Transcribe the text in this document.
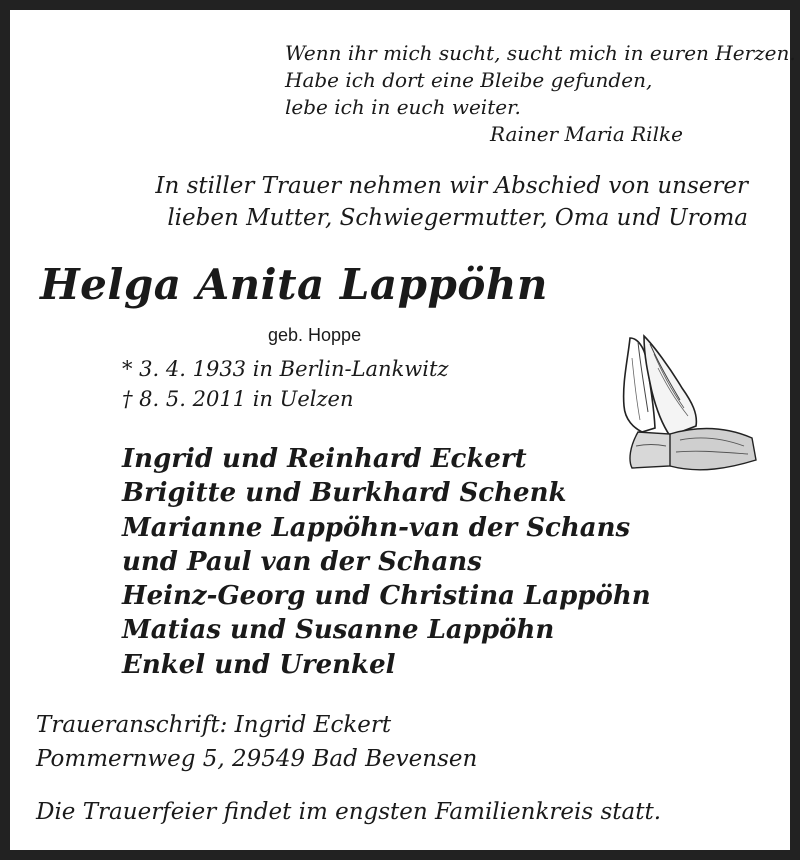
Wenn ihr mich sucht, sucht mich in euren Herzen.
Habe ich dort eine Bleibe gefunden,
lebe ich in euch weiter.
Rainer Maria Rilke
In stiller Trauer nehmen wir Abschied von unserer
lieben Mutter, Schwiegermutter, Oma und Uroma
Helga Anita Lappöhn
geb. Hoppe
* 3. 4. 1933 in Berlin-Lankwitz
† 8. 5. 2011 in Uelzen
Ingrid und Reinhard Eckert
Brigitte und Burkhard Schenk
Marianne Lappöhn-van der Schans
und Paul van der Schans
Heinz-Georg und Christina Lappöhn
Matias und Susanne Lappöhn
Enkel und Urenkel
Traueranschrift: Ingrid Eckert
Pommernweg 5, 29549 Bad Bevensen
Die Trauerfeier findet im engsten Familienkreis statt.
